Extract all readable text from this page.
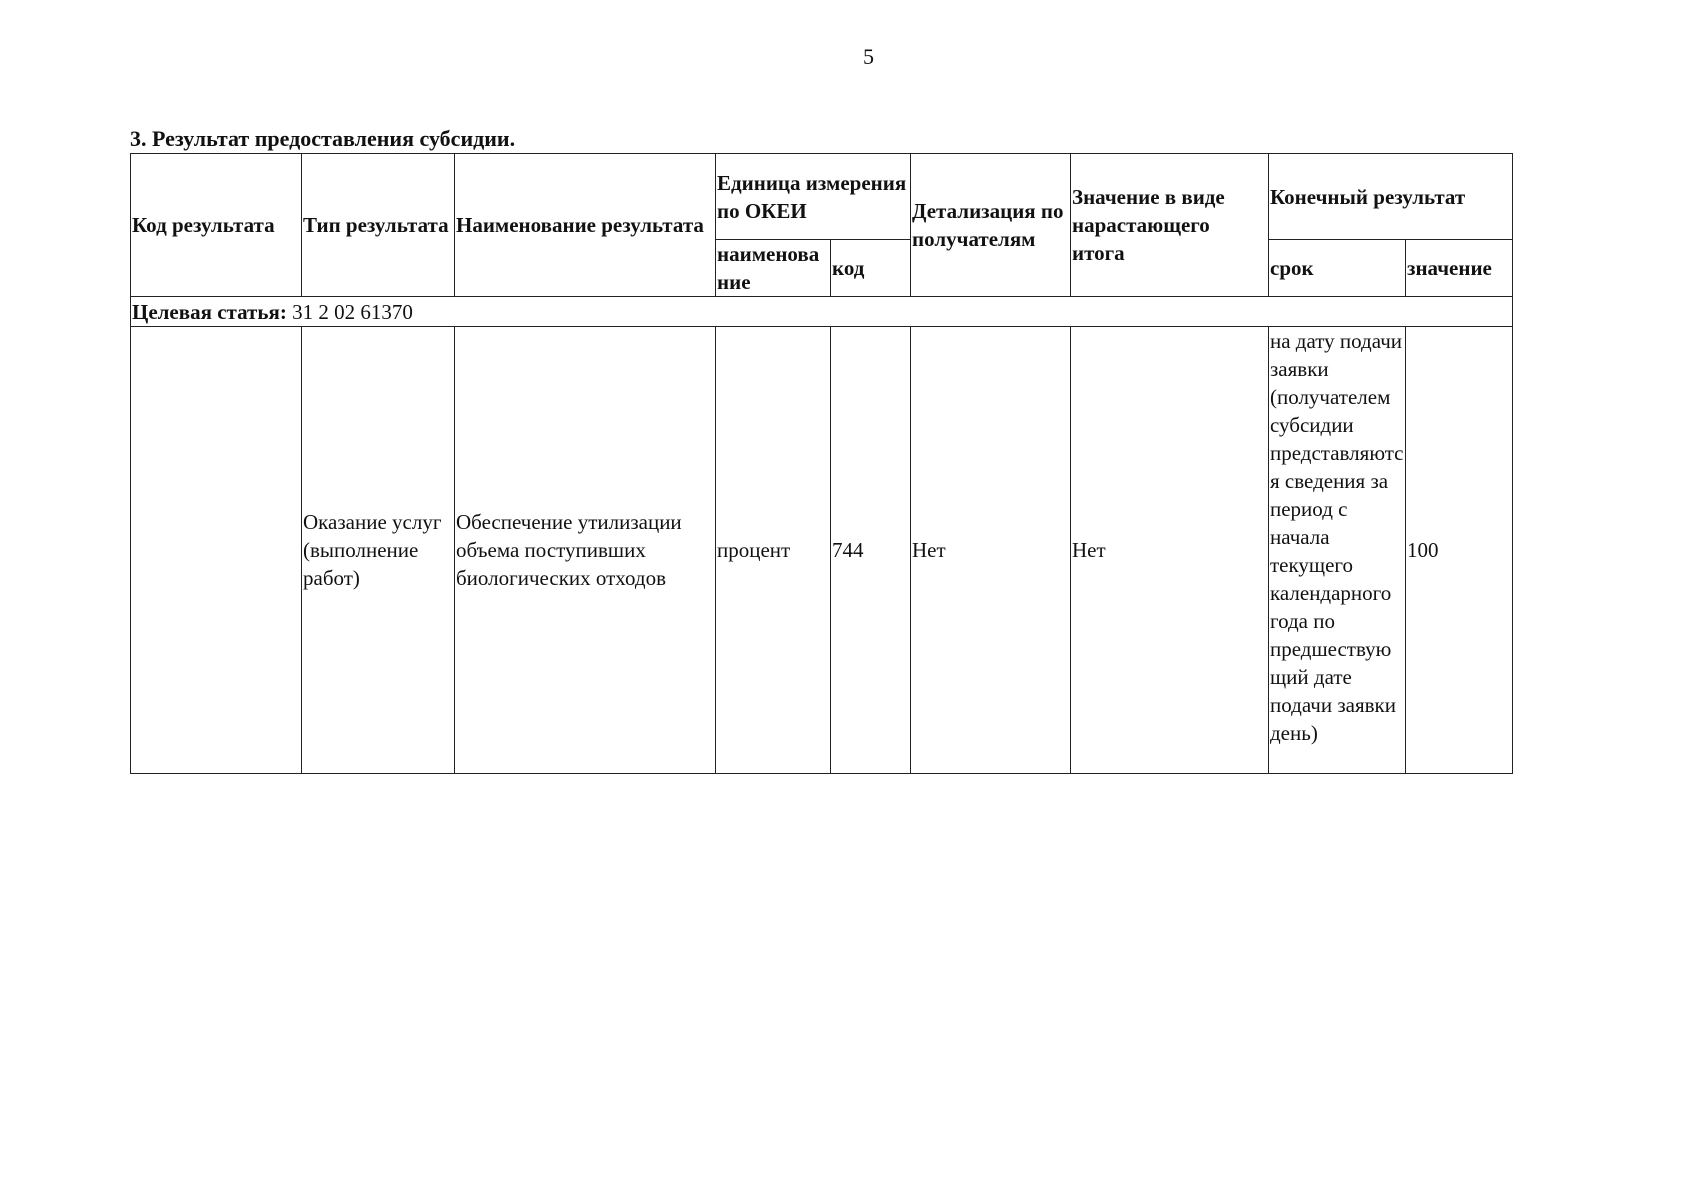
5
3. Результат предоставления субсидии.
Код результата	Тип результата	Наименование результата	Единица измерения по ОКЕИ		Детализация по получателям	Значение в виде нарастающего итога	Конечный результат	
			наименование	код			срок	значение
Целевая статья: 31 2 02 61370								
	Оказание услуг (выполнение работ)	Обеспечение утилизации объема поступивших биологических отходов	процент	744	Нет	Нет	на дату подачи заявки (получателем субсидии представляются сведения за период с начала текущего календарного года по предшествующий дате подачи заявки день)	100
